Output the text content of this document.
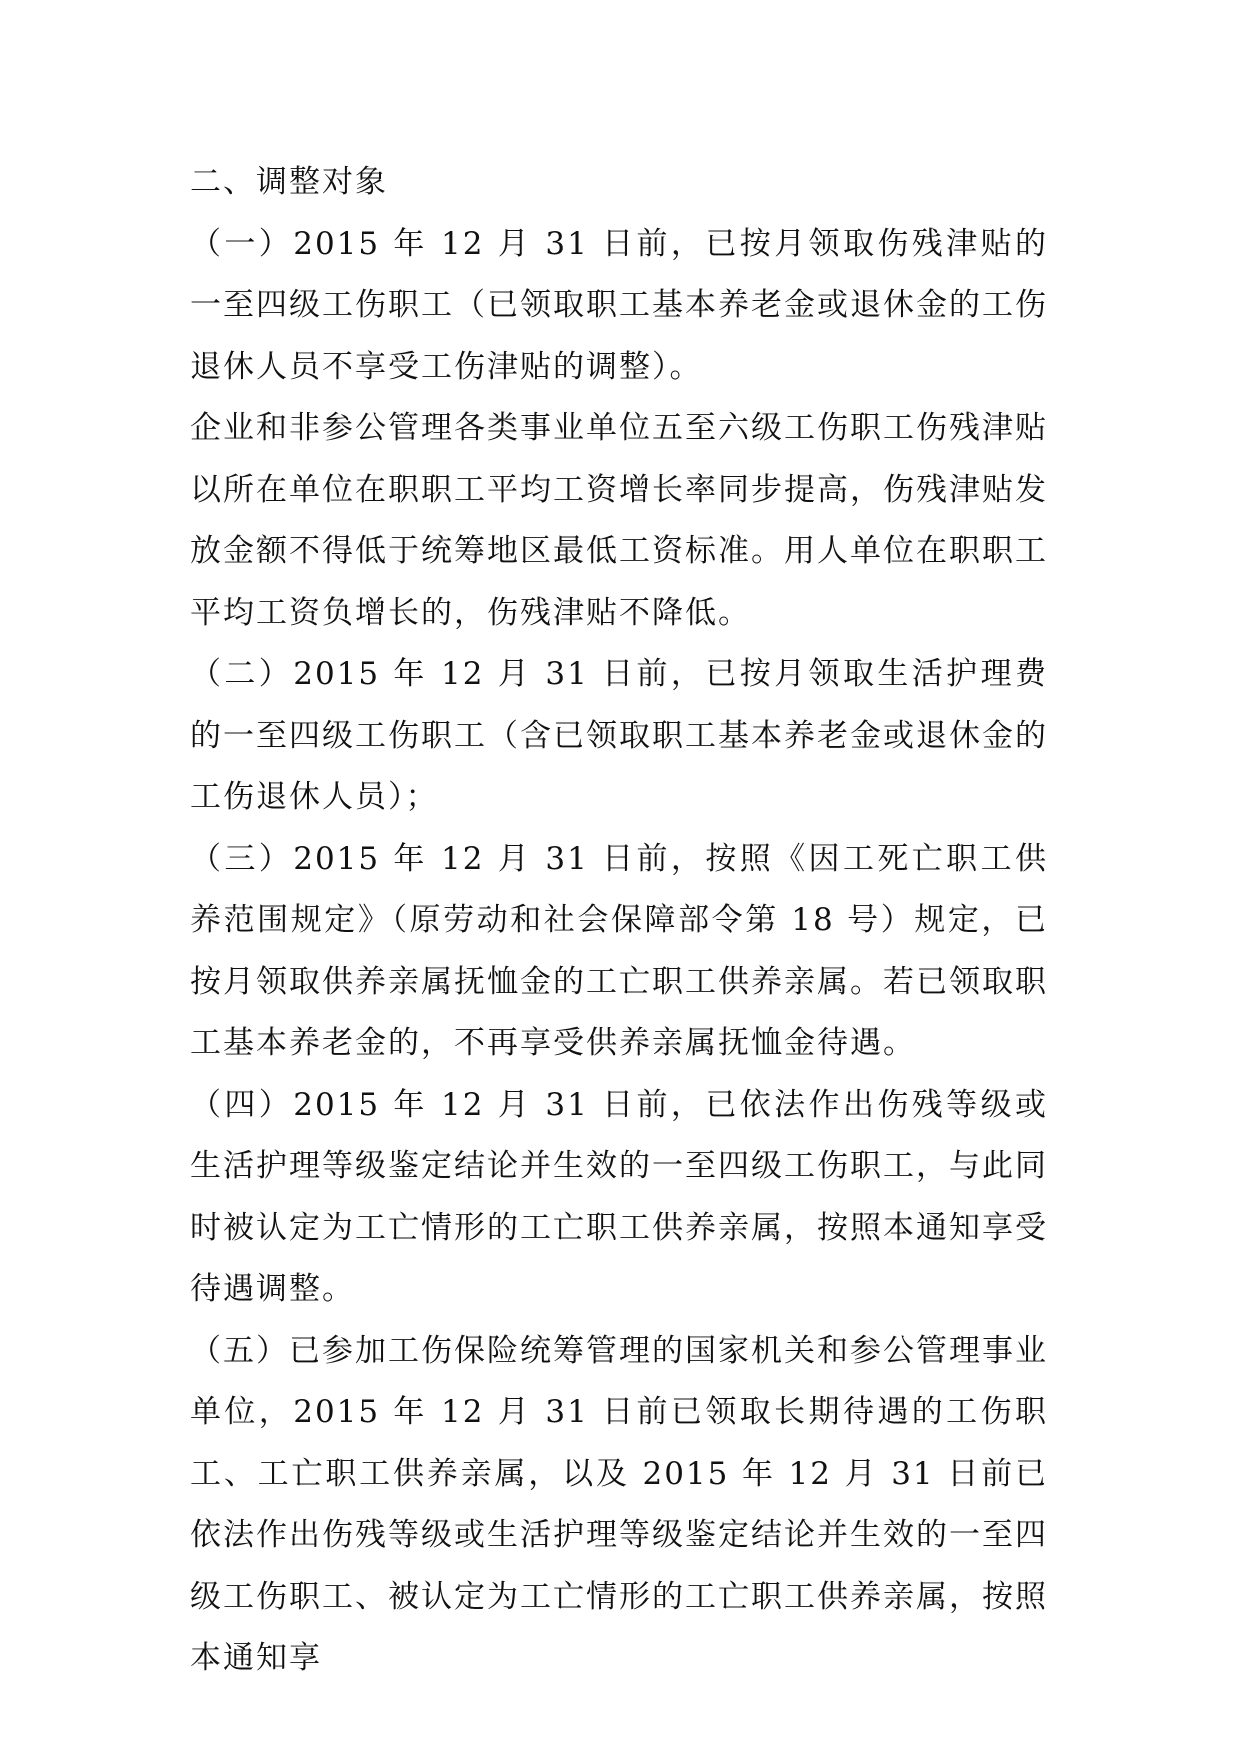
二、调整对象

（一）2015 年 12 月 31 日前，已按月领取伤残津贴的一至四级工伤职工（已领取职工基本养老金或退休金的工伤退休人员不享受工伤津贴的调整）。

企业和非参公管理各类事业单位五至六级工伤职工伤残津贴以所在单位在职职工平均工资增长率同步提高，伤残津贴发放金额不得低于统筹地区最低工资标准。用人单位在职职工平均工资负增长的，伤残津贴不降低。

（二）2015 年 12 月 31 日前，已按月领取生活护理费的一至四级工伤职工（含已领取职工基本养老金或退休金的工伤退休人员）；

（三）2015 年 12 月 31 日前，按照《因工死亡职工供养范围规定》（原劳动和社会保障部令第 18 号）规定，已按月领取供养亲属抚恤金的工亡职工供养亲属。若已领取职工基本养老金的，不再享受供养亲属抚恤金待遇。

（四）2015 年 12 月 31 日前，已依法作出伤残等级或生活护理等级鉴定结论并生效的一至四级工伤职工，与此同时被认定为工亡情形的工亡职工供养亲属，按照本通知享受待遇调整。

（五）已参加工伤保险统筹管理的国家机关和参公管理事业单位，2015 年 12 月 31 日前已领取长期待遇的工伤职工、工亡职工供养亲属，以及 2015 年 12 月 31 日前已依法作出伤残等级或生活护理等级鉴定结论并生效的一至四级工伤职工、被认定为工亡情形的工亡职工供养亲属，按照本通知享
